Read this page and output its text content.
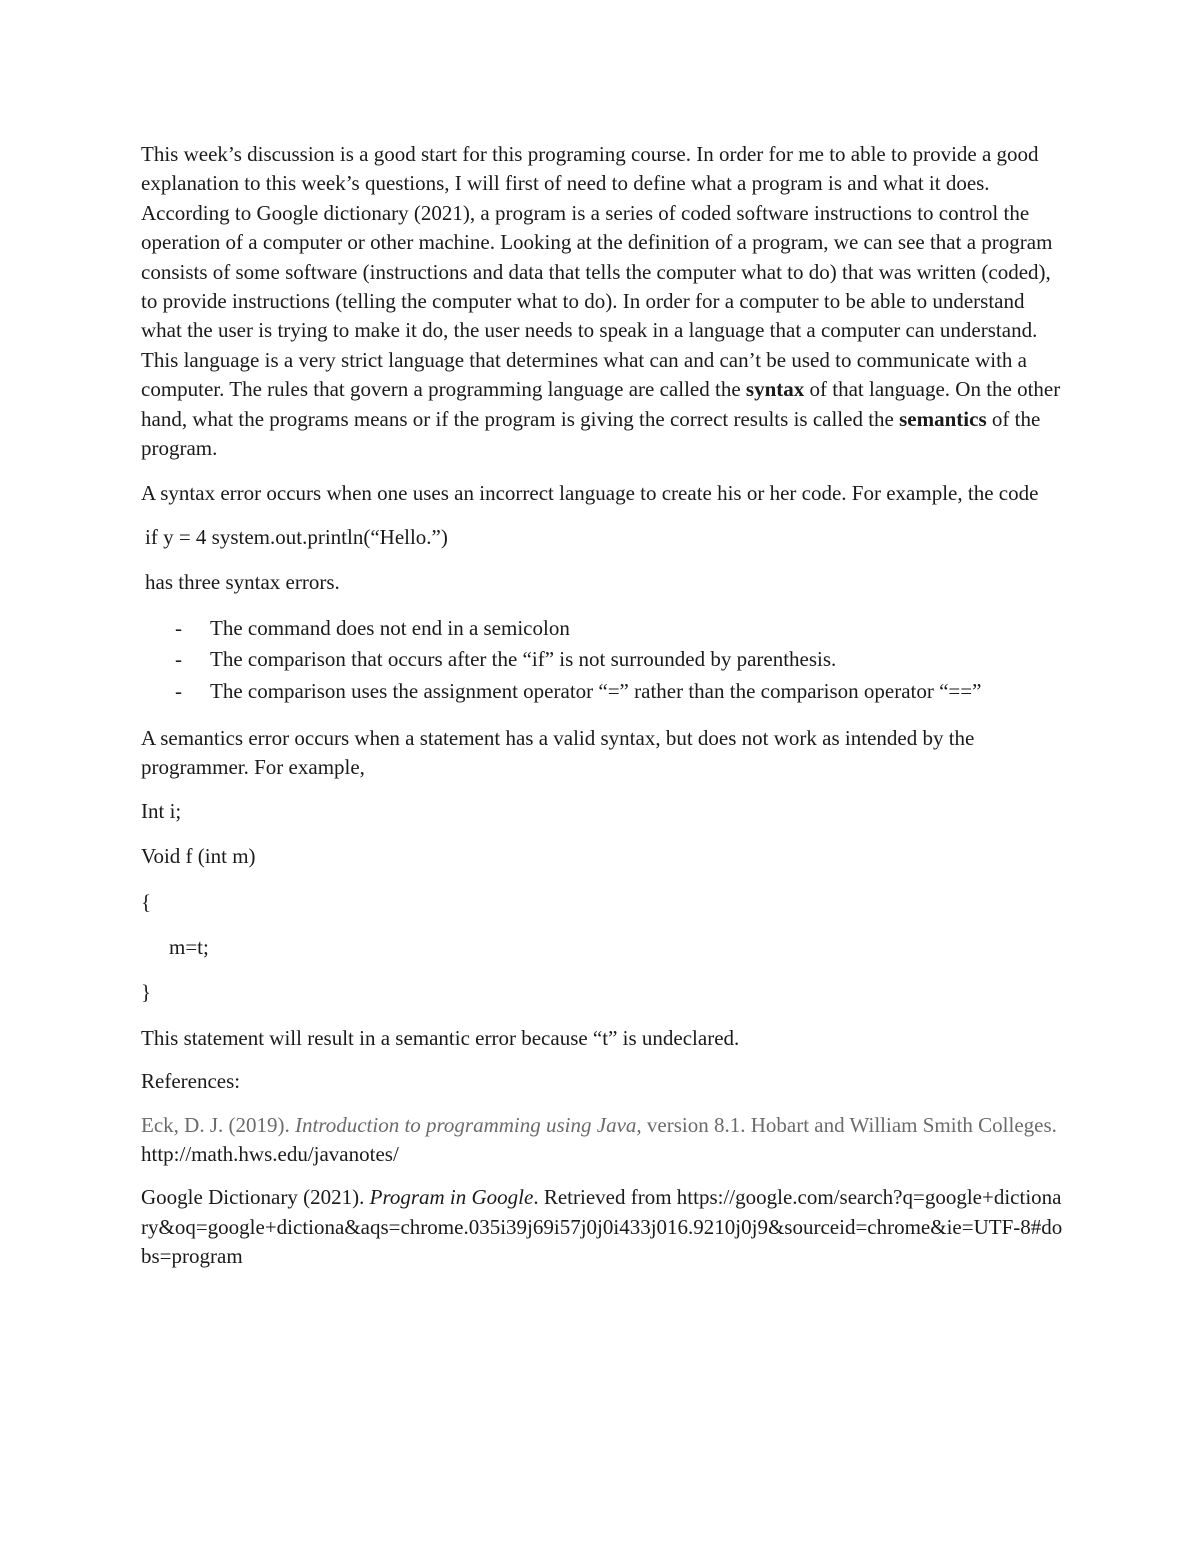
This week’s discussion is a good start for this programing course. In order for me to able to provide a good explanation to this week’s questions, I will first of need to define what a program is and what it does. According to Google dictionary (2021), a program is a series of coded software instructions to control the operation of a computer or other machine. Looking at the definition of a program, we can see that a program consists of some software (instructions and data that tells the computer what to do) that was written (coded), to provide instructions (telling the computer what to do). In order for a computer to be able to understand what the user is trying to make it do, the user needs to speak in a language that a computer can understand. This language is a very strict language that determines what can and can’t be used to communicate with a computer. The rules that govern a programming language are called the syntax of that language. On the other hand, what the programs means or if the program is giving the correct results is called the semantics of the program.

A syntax error occurs when one uses an incorrect language to create his or her code. For example, the code

if y = 4 system.out.println(“Hello.”)

has three syntax errors.

- The command does not end in a semicolon
- The comparison that occurs after the “if” is not surrounded by parenthesis.
- The comparison uses the assignment operator “=” rather than the comparison operator “==”

A semantics error occurs when a statement has a valid syntax, but does not work as intended by the programmer. For example,

Int i;

Void f (int m)

{

m=t;

}

This statement will result in a semantic error because “t” is undeclared.

References:

Eck, D. J. (2019). Introduction to programming using Java, version 8.1. Hobart and William Smith Colleges. http://math.hws.edu/javanotes/

Google Dictionary (2021). Program in Google. Retrieved from https://google.com/search?q=google+dictionary&oq=google+dictiona&aqs=chrome.035i39j69i57j0j0i433j016.9210j0j9&sourceid=chrome&ie=UTF-8#dobs=program
